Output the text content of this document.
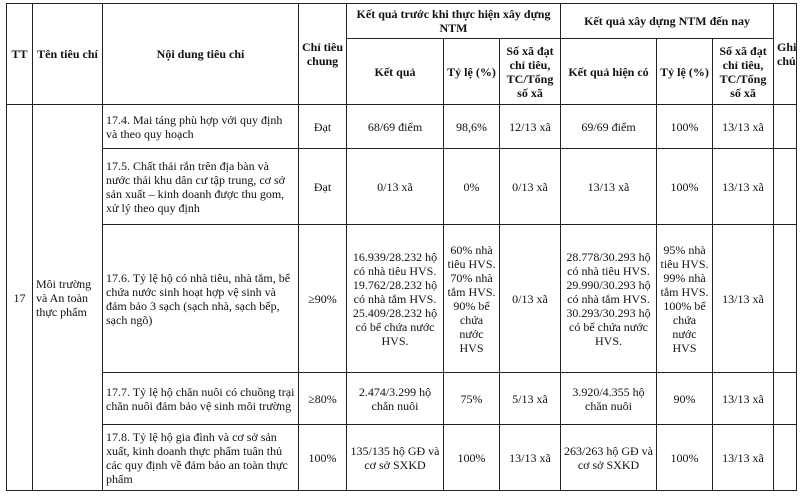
TT	Tên tiêu chí	Nội dung tiêu chí	Chỉ tiêu chung	Kết quả trước khi thực hiện xây dựng NTM			Kết quả xây dựng NTM đến nay			Ghi chú
				Kết quả	Tỷ lệ (%)	Số xã đạt chỉ tiêu, TC/Tổng số xã	Kết quả hiện có	Tỷ lệ (%)	Số xã đạt chỉ tiêu, TC/Tổng số xã	
17	Môi trường và An toàn thực phẩm	17.4. Mai táng phù hợp với quy định và theo quy hoạch	Đạt	68/69 điểm	98,6%	12/13 xã	69/69 điểm	100%	13/13 xã	
		17.5. Chất thải rắn trên địa bàn và nước thải khu dân cư tập trung, cơ sở sản xuất – kinh doanh được thu gom, xử lý theo quy định	Đạt	0/13 xã	0%	0/13 xã	13/13 xã	100%	13/13 xã	
		17.6. Tỷ lệ hộ có nhà tiêu, nhà tắm, bể chứa nước sinh hoạt hợp vệ sinh và đảm bảo 3 sạch (sạch nhà, sạch bếp, sạch ngõ)	≥90%	16.939/28.232 hộ có nhà tiêu HVS.
19.762/28.232 hộ có nhà tắm HVS.
25.409/28.232 hộ có bể chứa nước HVS.	60% nhà tiêu HVS.
70% nhà tắm HVS.
90% bể chứa nước HVS	0/13 xã	28.778/30.293 hộ có nhà tiêu HVS.
29.990/30.293 hộ có nhà tắm HVS.
30.293/30.293 hộ có bể chứa nước HVS.	95% nhà tiêu HVS.
99% nhà tắm HVS.
100% bể chứa nước HVS	13/13 xã	
		17.7. Tỷ lệ hộ chăn nuôi có chuồng trại chăn nuôi đảm bảo vệ sinh môi trường	≥80%	2.474/3.299 hộ chăn nuôi	75%	5/13 xã	3.920/4.355 hộ chăn nuôi	90%	13/13 xã	
		17.8. Tỷ lệ hộ gia đình và cơ sở sản xuất, kinh doanh thực phẩm tuân thủ các quy định về đảm bảo an toàn thực phẩm	100%	135/135 hộ GĐ và cơ sở SXKD	100%	13/13 xã	263/263 hộ GĐ và cơ sở SXKD	100%	13/13 xã	
